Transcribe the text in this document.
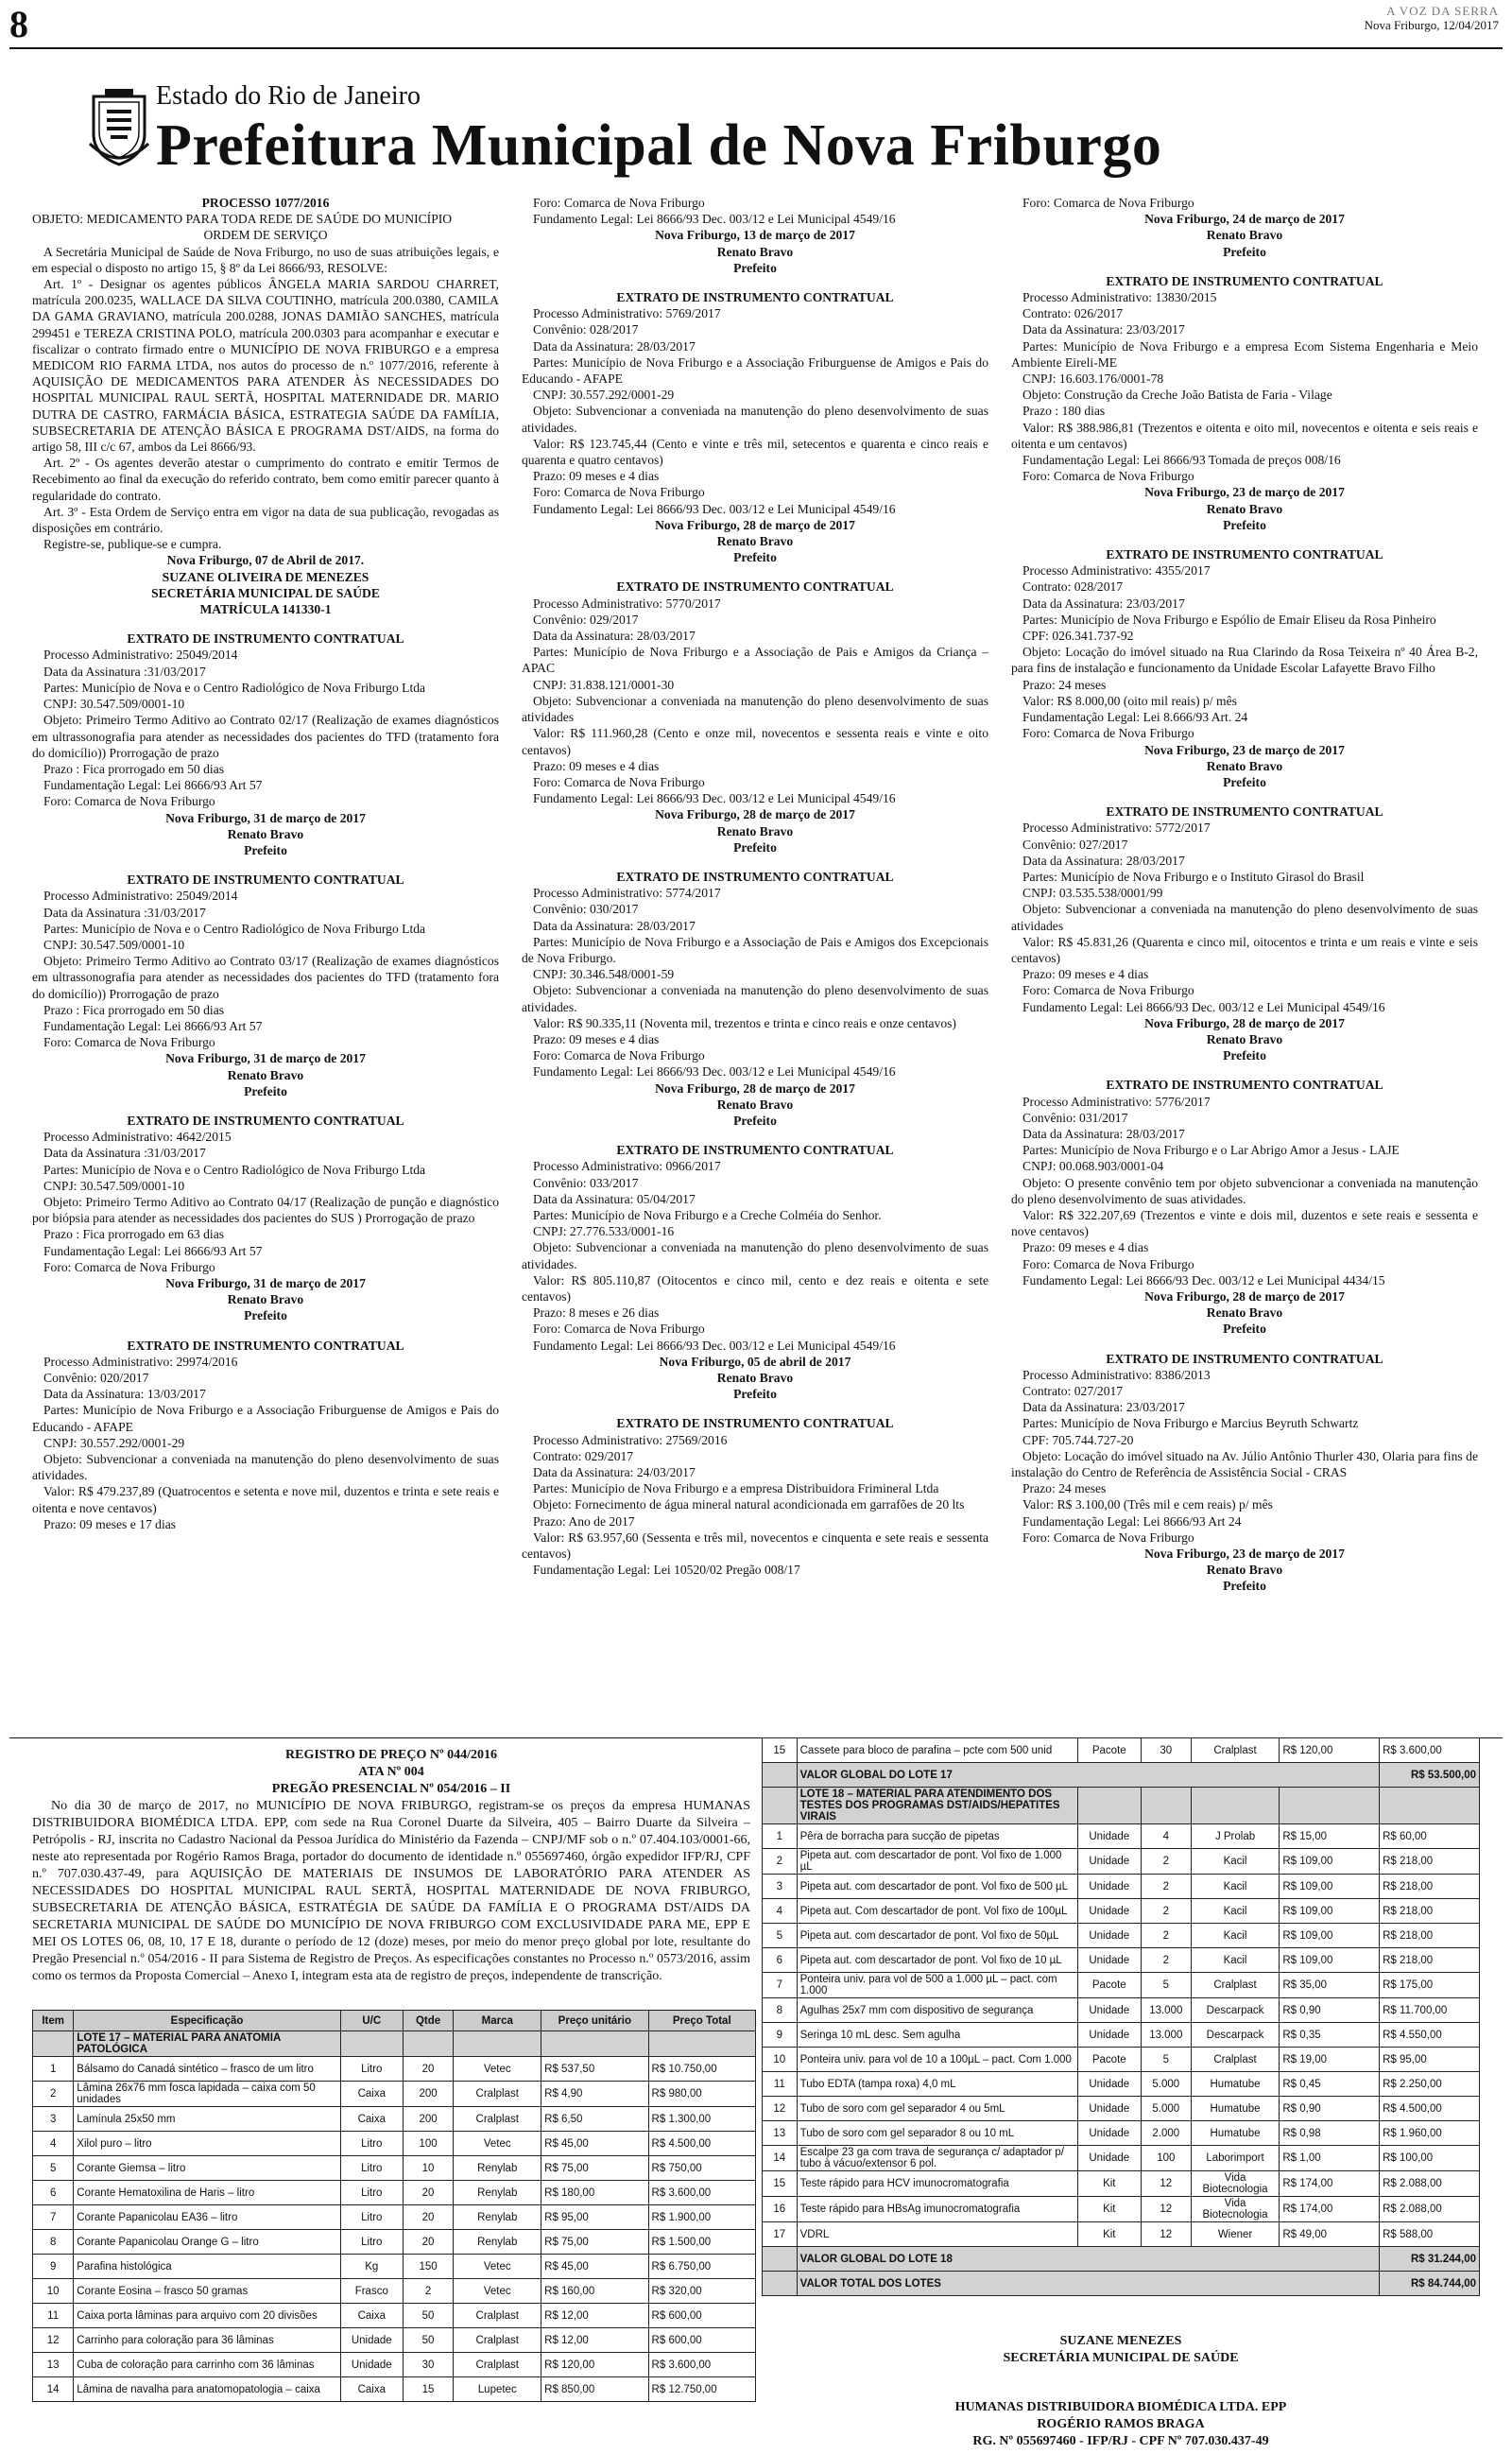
8	A VOZ DA SERRA
Nova Friburgo, 12/04/2017
Estado do Rio de Janeiro
Prefeitura Municipal de Nova Friburgo

PROCESSO 1077/2016

OBJETO: MEDICAMENTO PARA TODA REDE DE SAÚDE DO MUNICÍPIO

ORDEM DE SERVIÇO

A Secretária Municipal de Saúde de Nova Friburgo, no uso de suas atribuições legais, e em especial o disposto no artigo 15, § 8º da Lei 8666/93, RESOLVE:

Art. 1º - Designar os agentes públicos ÂNGELA MARIA SARDOU CHARRET, matrícula 200.0235, WALLACE DA SILVA COUTINHO, matrícula 200.0380, CAMILA DA GAMA GRAVIANO, matrícula 200.0288, JONAS DAMIÃO SANCHES, matrícula 299451 e TEREZA CRISTINA POLO, matrícula 200.0303 para acompanhar e executar e fiscalizar o contrato firmado entre o MUNICÍPIO DE NOVA FRIBURGO e a empresa MEDICOM RIO FARMA LTDA, nos autos do processo de n.º 1077/2016, referente à AQUISIÇÃO DE MEDICAMENTOS PARA ATENDER ÀS NECESSIDADES DO HOSPITAL MUNICIPAL RAUL SERTÃ, HOSPITAL MATERNIDADE DR. MARIO DUTRA DE CASTRO, FARMÁCIA BÁSICA, ESTRATEGIA SAÚDE DA FAMÍLIA, SUBSECRETARIA DE ATENÇÃO BÁSICA E PROGRAMA DST/AIDS, na forma do artigo 58, III c/c 67, ambos da Lei 8666/93.

Art. 2º - Os agentes deverão atestar o cumprimento do contrato e emitir Termos de Recebimento ao final da execução do referido contrato, bem como emitir parecer quanto à regularidade do contrato.

Art. 3º - Esta Ordem de Serviço entra em vigor na data de sua publicação, revogadas as disposições em contrário.

Registre-se, publique-se e cumpra.

Nova Friburgo, 07 de Abril de 2017.

SUZANE OLIVEIRA DE MENEZES

SECRETÁRIA MUNICIPAL DE SAÚDE

MATRÍCULA 141330-1

EXTRATO DE INSTRUMENTO CONTRATUAL

Processo Administrativo: 25049/2014

Data da Assinatura :31/03/2017

Partes: Município de Nova e o Centro Radiológico de Nova Friburgo Ltda

CNPJ: 30.547.509/0001-10

Objeto: Primeiro Termo Aditivo ao Contrato 02/17 (Realização de exames diagnósticos em ultrassonografia para atender as necessidades dos pacientes do TFD (tratamento fora do domicílio)) Prorrogação de prazo

Prazo : Fica prorrogado em 50 dias

Fundamentação Legal: Lei 8666/93 Art 57

Foro: Comarca de Nova Friburgo

Nova Friburgo, 31 de março de 2017

Renato Bravo

Prefeito

EXTRATO DE INSTRUMENTO CONTRATUAL

Processo Administrativo: 25049/2014

Data da Assinatura :31/03/2017

Partes: Município de Nova e o Centro Radiológico de Nova Friburgo Ltda

CNPJ: 30.547.509/0001-10

Objeto: Primeiro Termo Aditivo ao Contrato 03/17 (Realização de exames diagnósticos em ultrassonografia para atender as necessidades dos pacientes do TFD (tratamento fora do domicílio)) Prorrogação de prazo

Prazo : Fica prorrogado em 50 dias

Fundamentação Legal: Lei 8666/93 Art 57

Foro: Comarca de Nova Friburgo

Nova Friburgo, 31 de março de 2017

Renato Bravo

Prefeito

EXTRATO DE INSTRUMENTO CONTRATUAL

Processo Administrativo: 4642/2015

Data da Assinatura :31/03/2017

Partes: Município de Nova e o Centro Radiológico de Nova Friburgo Ltda

CNPJ: 30.547.509/0001-10

Objeto: Primeiro Termo Aditivo ao Contrato 04/17 (Realização de punção e diagnóstico por biópsia para atender as necessidades dos pacientes do SUS ) Prorrogação de prazo

Prazo : Fica prorrogado em 63 dias

Fundamentação Legal: Lei 8666/93 Art 57

Foro: Comarca de Nova Friburgo

Nova Friburgo, 31 de março de 2017

Renato Bravo

Prefeito

EXTRATO DE INSTRUMENTO CONTRATUAL

Processo Administrativo: 29974/2016

Convênio: 020/2017

Data da Assinatura: 13/03/2017

Partes: Município de Nova Friburgo e a Associação Friburguense de Amigos e Pais do Educando - AFAPE

CNPJ: 30.557.292/0001-29

Objeto: Subvencionar a conveniada na manutenção do pleno desenvolvimento de suas atividades.

Valor: R$ 479.237,89 (Quatrocentos e setenta e nove mil, duzentos e trinta e sete reais e oitenta e nove centavos)

Prazo: 09 meses e 17 dias

Foro: Comarca de Nova Friburgo

Fundamento Legal: Lei 8666/93 Dec. 003/12 e Lei Municipal 4549/16

Nova Friburgo, 13 de março de 2017

Renato Bravo

Prefeito

EXTRATO DE INSTRUMENTO CONTRATUAL

Processo Administrativo: 5769/2017

Convênio: 028/2017

Data da Assinatura: 28/03/2017

Partes: Município de Nova Friburgo e a Associação Friburguense de Amigos e Pais do Educando - AFAPE

CNPJ: 30.557.292/0001-29

Objeto: Subvencionar a conveniada na manutenção do pleno desenvolvimento de suas atividades.

Valor: R$ 123.745,44 (Cento e vinte e três mil, setecentos e quarenta e cinco reais e quarenta e quatro centavos)

Prazo: 09 meses e 4 dias

Foro: Comarca de Nova Friburgo

Fundamento Legal: Lei 8666/93 Dec. 003/12 e Lei Municipal 4549/16

Nova Friburgo, 28 de março de 2017

Renato Bravo

Prefeito

EXTRATO DE INSTRUMENTO CONTRATUAL

Processo Administrativo: 5770/2017

Convênio: 029/2017

Data da Assinatura: 28/03/2017

Partes: Município de Nova Friburgo e a Associação de Pais e Amigos da Criança – APAC

CNPJ: 31.838.121/0001-30

Objeto: Subvencionar a conveniada na manutenção do pleno desenvolvimento de suas atividades

Valor: R$ 111.960,28 (Cento e onze mil, novecentos e sessenta reais e vinte e oito centavos)

Prazo: 09 meses e 4 dias

Foro: Comarca de Nova Friburgo

Fundamento Legal: Lei 8666/93 Dec. 003/12 e Lei Municipal 4549/16

Nova Friburgo, 28 de março de 2017

Renato Bravo

Prefeito

EXTRATO DE INSTRUMENTO CONTRATUAL

Processo Administrativo: 5774/2017

Convênio: 030/2017

Data da Assinatura: 28/03/2017

Partes: Município de Nova Friburgo e a Associação de Pais e Amigos dos Excepcionais de Nova Friburgo.

CNPJ: 30.346.548/0001-59

Objeto: Subvencionar a conveniada na manutenção do pleno desenvolvimento de suas atividades.

Valor: R$ 90.335,11 (Noventa mil, trezentos e trinta e cinco reais e onze centavos)

Prazo: 09 meses e 4 dias

Foro: Comarca de Nova Friburgo

Fundamento Legal: Lei 8666/93 Dec. 003/12 e Lei Municipal 4549/16

Nova Friburgo, 28 de março de 2017

Renato Bravo

Prefeito

EXTRATO DE INSTRUMENTO CONTRATUAL

Processo Administrativo: 0966/2017

Convênio: 033/2017

Data da Assinatura: 05/04/2017

Partes: Município de Nova Friburgo e a Creche Colméia do Senhor.

CNPJ: 27.776.533/0001-16

Objeto: Subvencionar a conveniada na manutenção do pleno desenvolvimento de suas atividades.

Valor: R$ 805.110,87 (Oitocentos e cinco mil, cento e dez reais e oitenta e sete centavos)

Prazo: 8 meses e 26 dias

Foro: Comarca de Nova Friburgo

Fundamento Legal: Lei 8666/93 Dec. 003/12 e Lei Municipal 4549/16

Nova Friburgo, 05 de abril de 2017

Renato Bravo

Prefeito

EXTRATO DE INSTRUMENTO CONTRATUAL

Processo Administrativo: 27569/2016

Contrato: 029/2017

Data da Assinatura: 24/03/2017

Partes: Município de Nova Friburgo e a empresa Distribuidora Frimineral Ltda

Objeto: Fornecimento de água mineral natural acondicionada em garrafões de 20 lts

Prazo: Ano de 2017

Valor: R$ 63.957,60 (Sessenta e três mil, novecentos e cinquenta e sete reais e sessenta centavos)

Fundamentação Legal: Lei 10520/02 Pregão 008/17

Foro: Comarca de Nova Friburgo

Nova Friburgo, 24 de março de 2017

Renato Bravo

Prefeito

EXTRATO DE INSTRUMENTO CONTRATUAL

Processo Administrativo: 13830/2015

Contrato: 026/2017

Data da Assinatura: 23/03/2017

Partes: Município de Nova Friburgo e a empresa Ecom Sistema Engenharia e Meio Ambiente Eireli-ME

CNPJ: 16.603.176/0001-78

Objeto: Construção da Creche João Batista de Faria - Vilage

Prazo : 180 dias

Valor: R$ 388.986,81 (Trezentos e oitenta e oito mil, novecentos e oitenta e seis reais e oitenta e um centavos)

Fundamentação Legal: Lei 8666/93 Tomada de preços 008/16

Foro: Comarca de Nova Friburgo

Nova Friburgo, 23 de março de 2017

Renato Bravo

Prefeito

EXTRATO DE INSTRUMENTO CONTRATUAL

Processo Administrativo: 4355/2017

Contrato: 028/2017

Data da Assinatura: 23/03/2017

Partes: Município de Nova Friburgo e Espólio de Emair Eliseu da Rosa Pinheiro

CPF: 026.341.737-92

Objeto: Locação do imóvel situado na Rua Clarindo da Rosa Teixeira nº 40 Área B-2, para fins de instalação e funcionamento da Unidade Escolar Lafayette Bravo Filho

Prazo: 24 meses

Valor: R$ 8.000,00 (oito mil reais) p/ mês

Fundamentação Legal: Lei 8.666/93 Art. 24

Foro: Comarca de Nova Friburgo

Nova Friburgo, 23 de março de 2017

Renato Bravo

Prefeito

EXTRATO DE INSTRUMENTO CONTRATUAL

Processo Administrativo: 5772/2017

Convênio: 027/2017

Data da Assinatura: 28/03/2017

Partes: Município de Nova Friburgo e o Instituto Girasol do Brasil

CNPJ: 03.535.538/0001/99

Objeto: Subvencionar a conveniada na manutenção do pleno desenvolvimento de suas atividades

Valor: R$ 45.831,26 (Quarenta e cinco mil, oitocentos e trinta e um reais e vinte e seis centavos)

Prazo: 09 meses e 4 dias

Foro: Comarca de Nova Friburgo

Fundamento Legal: Lei 8666/93 Dec. 003/12 e Lei Municipal 4549/16

Nova Friburgo, 28 de março de 2017

Renato Bravo

Prefeito

EXTRATO DE INSTRUMENTO CONTRATUAL

Processo Administrativo: 5776/2017

Convênio: 031/2017

Data da Assinatura: 28/03/2017

Partes: Município de Nova Friburgo e o Lar Abrigo Amor a Jesus - LAJE

CNPJ: 00.068.903/0001-04

Objeto: O presente convênio tem por objeto subvencionar a conveniada na manutenção do pleno desenvolvimento de suas atividades.

Valor: R$ 322.207,69 (Trezentos e vinte e dois mil, duzentos e sete reais e sessenta e nove centavos)

Prazo: 09 meses e 4 dias

Foro: Comarca de Nova Friburgo

Fundamento Legal: Lei 8666/93 Dec. 003/12 e Lei Municipal 4434/15

Nova Friburgo, 28 de março de 2017

Renato Bravo

Prefeito

EXTRATO DE INSTRUMENTO CONTRATUAL

Processo Administrativo: 8386/2013

Contrato: 027/2017

Data da Assinatura: 23/03/2017

Partes: Município de Nova Friburgo e Marcius Beyruth Schwartz

CPF: 705.744.727-20

Objeto: Locação do imóvel situado na Av. Júlio Antônio Thurler 430, Olaria para fins de instalação do Centro de Referência de Assistência Social - CRAS

Prazo: 24 meses

Valor: R$ 3.100,00 (Três mil e cem reais) p/ mês

Fundamentação Legal: Lei 8666/93 Art 24

Foro: Comarca de Nova Friburgo

Nova Friburgo, 23 de março de 2017

Renato Bravo

Prefeito

REGISTRO DE PREÇO Nº 044/2016
ATA Nº 004
PREGÃO PRESENCIAL Nº 054/2016 – II
No dia 30 de março de 2017, no MUNICÍPIO DE NOVA FRIBURGO, registram-se os preços da empresa HUMANAS DISTRIBUIDORA BIOMÉDICA LTDA. EPP, com sede na Rua Coronel Duarte da Silveira, 405 – Bairro Duarte da Silveira – Petrópolis - RJ, inscrita no Cadastro Nacional da Pessoa Jurídica do Ministério da Fazenda – CNPJ/MF sob o n.º 07.404.103/0001-66, neste ato representada por Rogério Ramos Braga, portador do documento de identidade n.º 055697460, órgão expedidor IFP/RJ, CPF n.º 707.030.437-49, para AQUISIÇÃO DE MATERIAIS DE INSUMOS DE LABORATÓRIO PARA ATENDER AS NECESSIDADES DO HOSPITAL MUNICIPAL RAUL SERTÃ, HOSPITAL MATERNIDADE DE NOVA FRIBURGO, SUBSECRETARIA DE ATENÇÃO BÁSICA, ESTRATÉGIA DE SAÚDE DA FAMÍLIA E O PROGRAMA DST/AIDS DA SECRETARIA MUNICIPAL DE SAÚDE DO MUNICÍPIO DE NOVA FRIBURGO COM EXCLUSIVIDADE PARA ME, EPP E MEI OS LOTES 06, 08, 10, 17 E 18, durante o período de 12 (doze) meses, por meio do menor preço global por lote, resultante do Pregão Presencial n.º 054/2016 - II para Sistema de Registro de Preços. As especificações constantes no Processo n.º 0573/2016, assim como os termos da Proposta Comercial – Anexo I, integram esta ata de registro de preços, independente de transcrição.
Item	Especificação	U/C	Qtde	Marca	Preço unitário	Preço Total
	LOTE 17 – MATERIAL PARA ANATOMIA PATOLÓGICA					
1	Bálsamo do Canadá sintético – frasco de um litro	Litro	20	Vetec	R$ 537,50	R$ 10.750,00
2	Lâmina 26x76 mm fosca lapidada – caixa com 50 unidades	Caixa	200	Cralplast	R$ 4,90	R$ 980,00
3	Lamínula 25x50 mm	Caixa	200	Cralplast	R$ 6,50	R$ 1.300,00
4	Xilol puro – litro	Litro	100	Vetec	R$ 45,00	R$ 4.500,00
5	Corante Giemsa – litro	Litro	10	Renylab	R$ 75,00	R$ 750,00
6	Corante Hematoxilina de Haris – litro	Litro	20	Renylab	R$ 180,00	R$ 3.600,00
7	Corante Papanicolau EA36 – litro	Litro	20	Renylab	R$ 95,00	R$ 1.900,00
8	Corante Papanicolau Orange G – litro	Litro	20	Renylab	R$ 75,00	R$ 1.500,00
9	Parafina histológica	Kg	150	Vetec	R$ 45,00	R$ 6.750,00
10	Corante Eosina – frasco 50 gramas	Frasco	2	Vetec	R$ 160,00	R$ 320,00
11	Caixa porta lâminas para arquivo com 20 divisões	Caixa	50	Cralplast	R$ 12,00	R$ 600,00
12	Carrinho para coloração para 36 lâminas	Unidade	50	Cralplast	R$ 12,00	R$ 600,00
13	Cuba de coloração para carrinho com 36 lâminas	Unidade	30	Cralplast	R$ 120,00	R$ 3.600,00
14	Lâmina de navalha para anatomopatologia – caixa	Caixa	15	Lupetec	R$ 850,00	R$ 12.750,00
15	Cassete para bloco de parafina – pcte com 500 unid	Pacote	30	Cralplast	R$ 120,00	R$ 3.600,00
	VALOR GLOBAL DO LOTE 17					R$ 53.500,00
	LOTE 18 – MATERIAL PARA ATENDIMENTO DOS TESTES DOS PROGRAMAS DST/AIDS/HEPATITES VIRAIS					
1	Pêra de borracha para sucção de pipetas	Unidade	4	J Prolab	R$ 15,00	R$ 60,00
2	Pipeta aut. com descartador de pont. Vol fixo de 1.000 µL	Unidade	2	Kacil	R$ 109,00	R$ 218,00
3	Pipeta aut. com descartador de pont. Vol fixo de 500 µL	Unidade	2	Kacil	R$ 109,00	R$ 218,00
4	Pipeta aut. Com descartador de pont. Vol fixo de 100µL	Unidade	2	Kacil	R$ 109,00	R$ 218,00
5	Pipeta aut. com descartador de pont. Vol fixo de 50µL	Unidade	2	Kacil	R$ 109,00	R$ 218,00
6	Pipeta aut. com descartador de pont. Vol fixo de 10 µL	Unidade	2	Kacil	R$ 109,00	R$ 218,00
7	Ponteira univ. para vol de 500 a 1.000 µL – pact. com 1.000	Pacote	5	Cralplast	R$ 35,00	R$ 175,00
8	Agulhas 25x7 mm com dispositivo de segurança	Unidade	13.000	Descarpack	R$ 0,90	R$ 11.700,00
9	Seringa 10 mL desc. Sem agulha	Unidade	13.000	Descarpack	R$ 0,35	R$ 4.550,00
10	Ponteira univ. para vol de 10 a 100µL – pact. Com 1.000	Pacote	5	Cralplast	R$ 19,00	R$ 95,00
11	Tubo EDTA (tampa roxa) 4,0 mL	Unidade	5.000	Humatube	R$ 0,45	R$ 2.250,00
12	Tubo de soro com gel separador 4 ou 5mL	Unidade	5.000	Humatube	R$ 0,90	R$ 4.500,00
13	Tubo de soro com gel separador 8 ou 10 mL	Unidade	2.000	Humatube	R$ 0,98	R$ 1.960,00
14	Escalpe 23 ga com trava de segurança c/ adaptador p/ tubo à vácuo/extensor 6 pol.	Unidade	100	Laborimport	R$ 1,00	R$ 100,00
15	Teste rápido para HCV imunocromatografia	Kit	12	Vida Biotecnologia	R$ 174,00	R$ 2.088,00
16	Teste rápido para HBsAg imunocromatografia	Kit	12	Vida Biotecnologia	R$ 174,00	R$ 2.088,00
17	VDRL	Kit	12	Wiener	R$ 49,00	R$ 588,00
	VALOR GLOBAL DO LOTE 18					R$ 31.244,00
	VALOR TOTAL DOS LOTES					R$ 84.744,00
SUZANE MENEZES
SECRETÁRIA MUNICIPAL DE SAÚDE
HUMANAS DISTRIBUIDORA BIOMÉDICA LTDA. EPP
ROGÉRIO RAMOS BRAGA
RG. Nº 055697460 - IFP/RJ - CPF Nº 707.030.437-49
